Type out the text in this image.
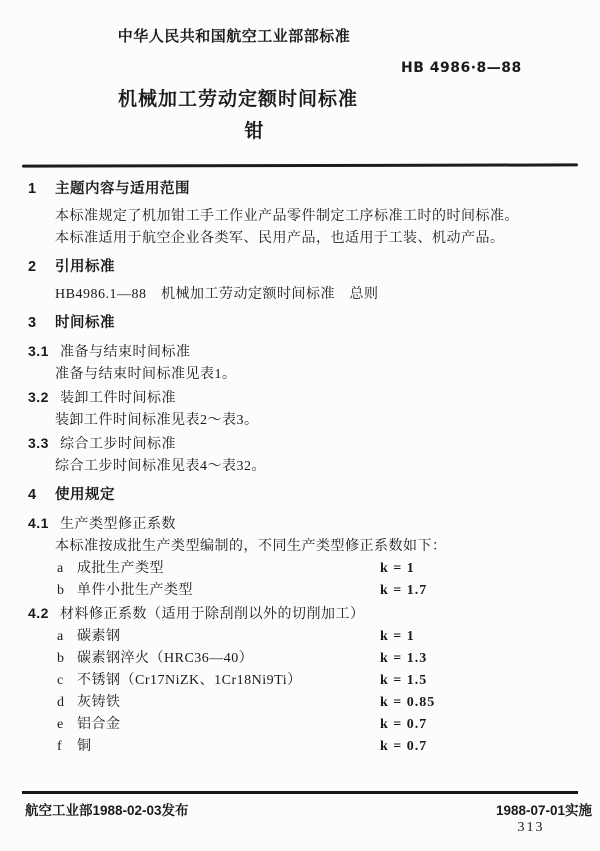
中华人民共和国航空工业部部标准
HB 4986·8—88
机械加工劳动定额时间标准
钳
1 主题内容与适用范围

本标准规定了机加钳工手工作业产品零件制定工序标准工时的时间标准。

本标准适用于航空企业各类军、民用产品，也适用于工装、机动产品。

2 引用标准

HB4986.1—88　机械加工劳动定额时间标准　总则

3 时间标准
3.1 准备与结束时间标准

准备与结束时间标准见表1。

3.2 装卸工件时间标准

装卸工件时间标准见表2～表3。

3.3 综合工步时间标准

综合工步时间标准见表4～表32。

4 使用规定
4.1 生产类型修正系数

本标准按成批生产类型编制的，不同生产类型修正系数如下：

a 成批生产类型	k = 1
b 单件小批生产类型	k = 1.7
4.2 材料修正系数（适用于除刮削以外的切削加工）
a 碳素钢	k = 1
b 碳素钢淬火（HRC36—40）	k = 1.3
c 不锈钢（Cr17NiZK、1Cr18Ni9Ti）	k = 1.5
d 灰铸铁	k = 0.85
e 铝合金	k = 0.7
f 铜	k = 0.7
航空工业部1988-02-03发布	1988-07-01实施
313
